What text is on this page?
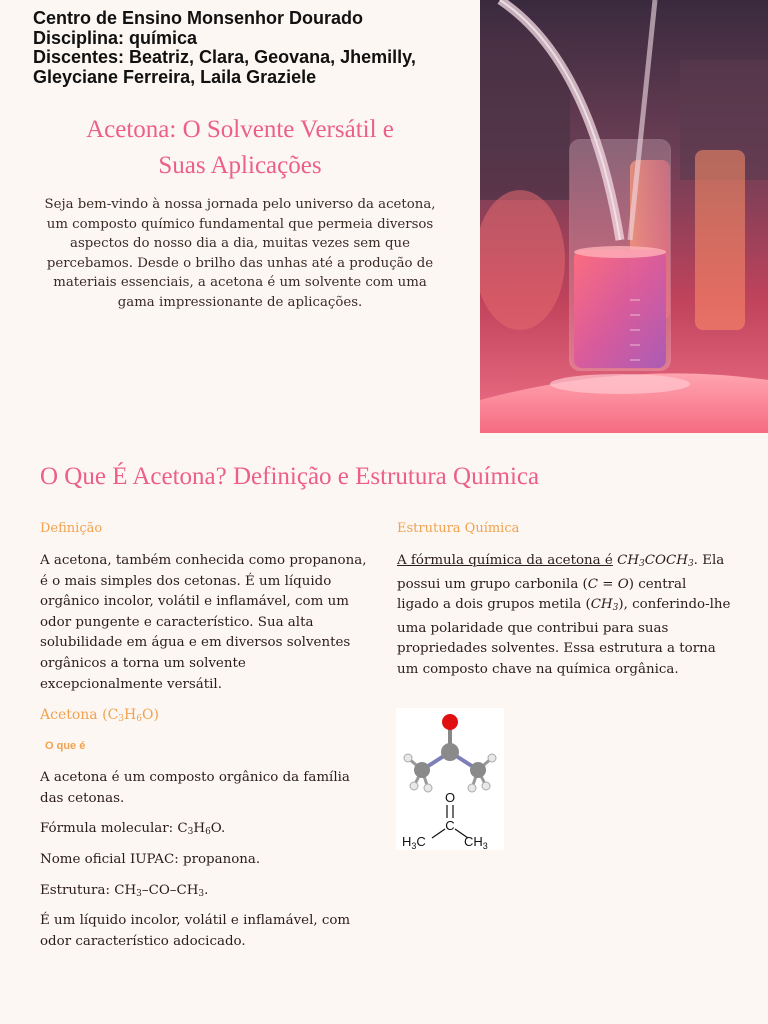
Centro de Ensino Monsenhor Dourado
Disciplina: química
Discentes: Beatriz, Clara, Geovana, Jhemilly,
Gleyciane Ferreira, Laila Graziele
Acetona: O Solvente Versátil e
Suas Aplicações
Seja bem-vindo à nossa jornada pelo universo da acetona, um composto químico fundamental que permeia diversos aspectos do nosso dia a dia, muitas vezes sem que percebamos. Desde o brilho das unhas até a produção de materiais essenciais, a acetona é um solvente com uma gama impressionante de aplicações.
O Que É Acetona? Definição e Estrutura Química
Definição
A acetona, também conhecida como propanona, é o mais simples dos cetonas. É um líquido orgânico incolor, volátil e inflamável, com um odor pungente e característico. Sua alta solubilidade em água e em diversos solventes orgânicos a torna um solvente excepcionalmente versátil.
Estrutura Química
A fórmula química da acetona é $CH_3COCH_3$. Ela possui um grupo carbonila (C = O) central ligado a dois grupos metila $(CH_3)$, conferindo-lhe uma polaridade que contribui para suas propriedades solventes. Essa estrutura a torna um composto chave na química orgânica.
Acetona $(C_3H_6O)$
O que é
A acetona é um composto orgânico da família das cetonas.
Fórmula molecular: $C_3H_6O$.
Nome oficial IUPAC: propanona.
Estrutura: $CH_3-CO-CH_3$.
É um líquido incolor, volátil e inflamável, com odor característico adocicado.
O
C
$H_3C$	$CH_3$
